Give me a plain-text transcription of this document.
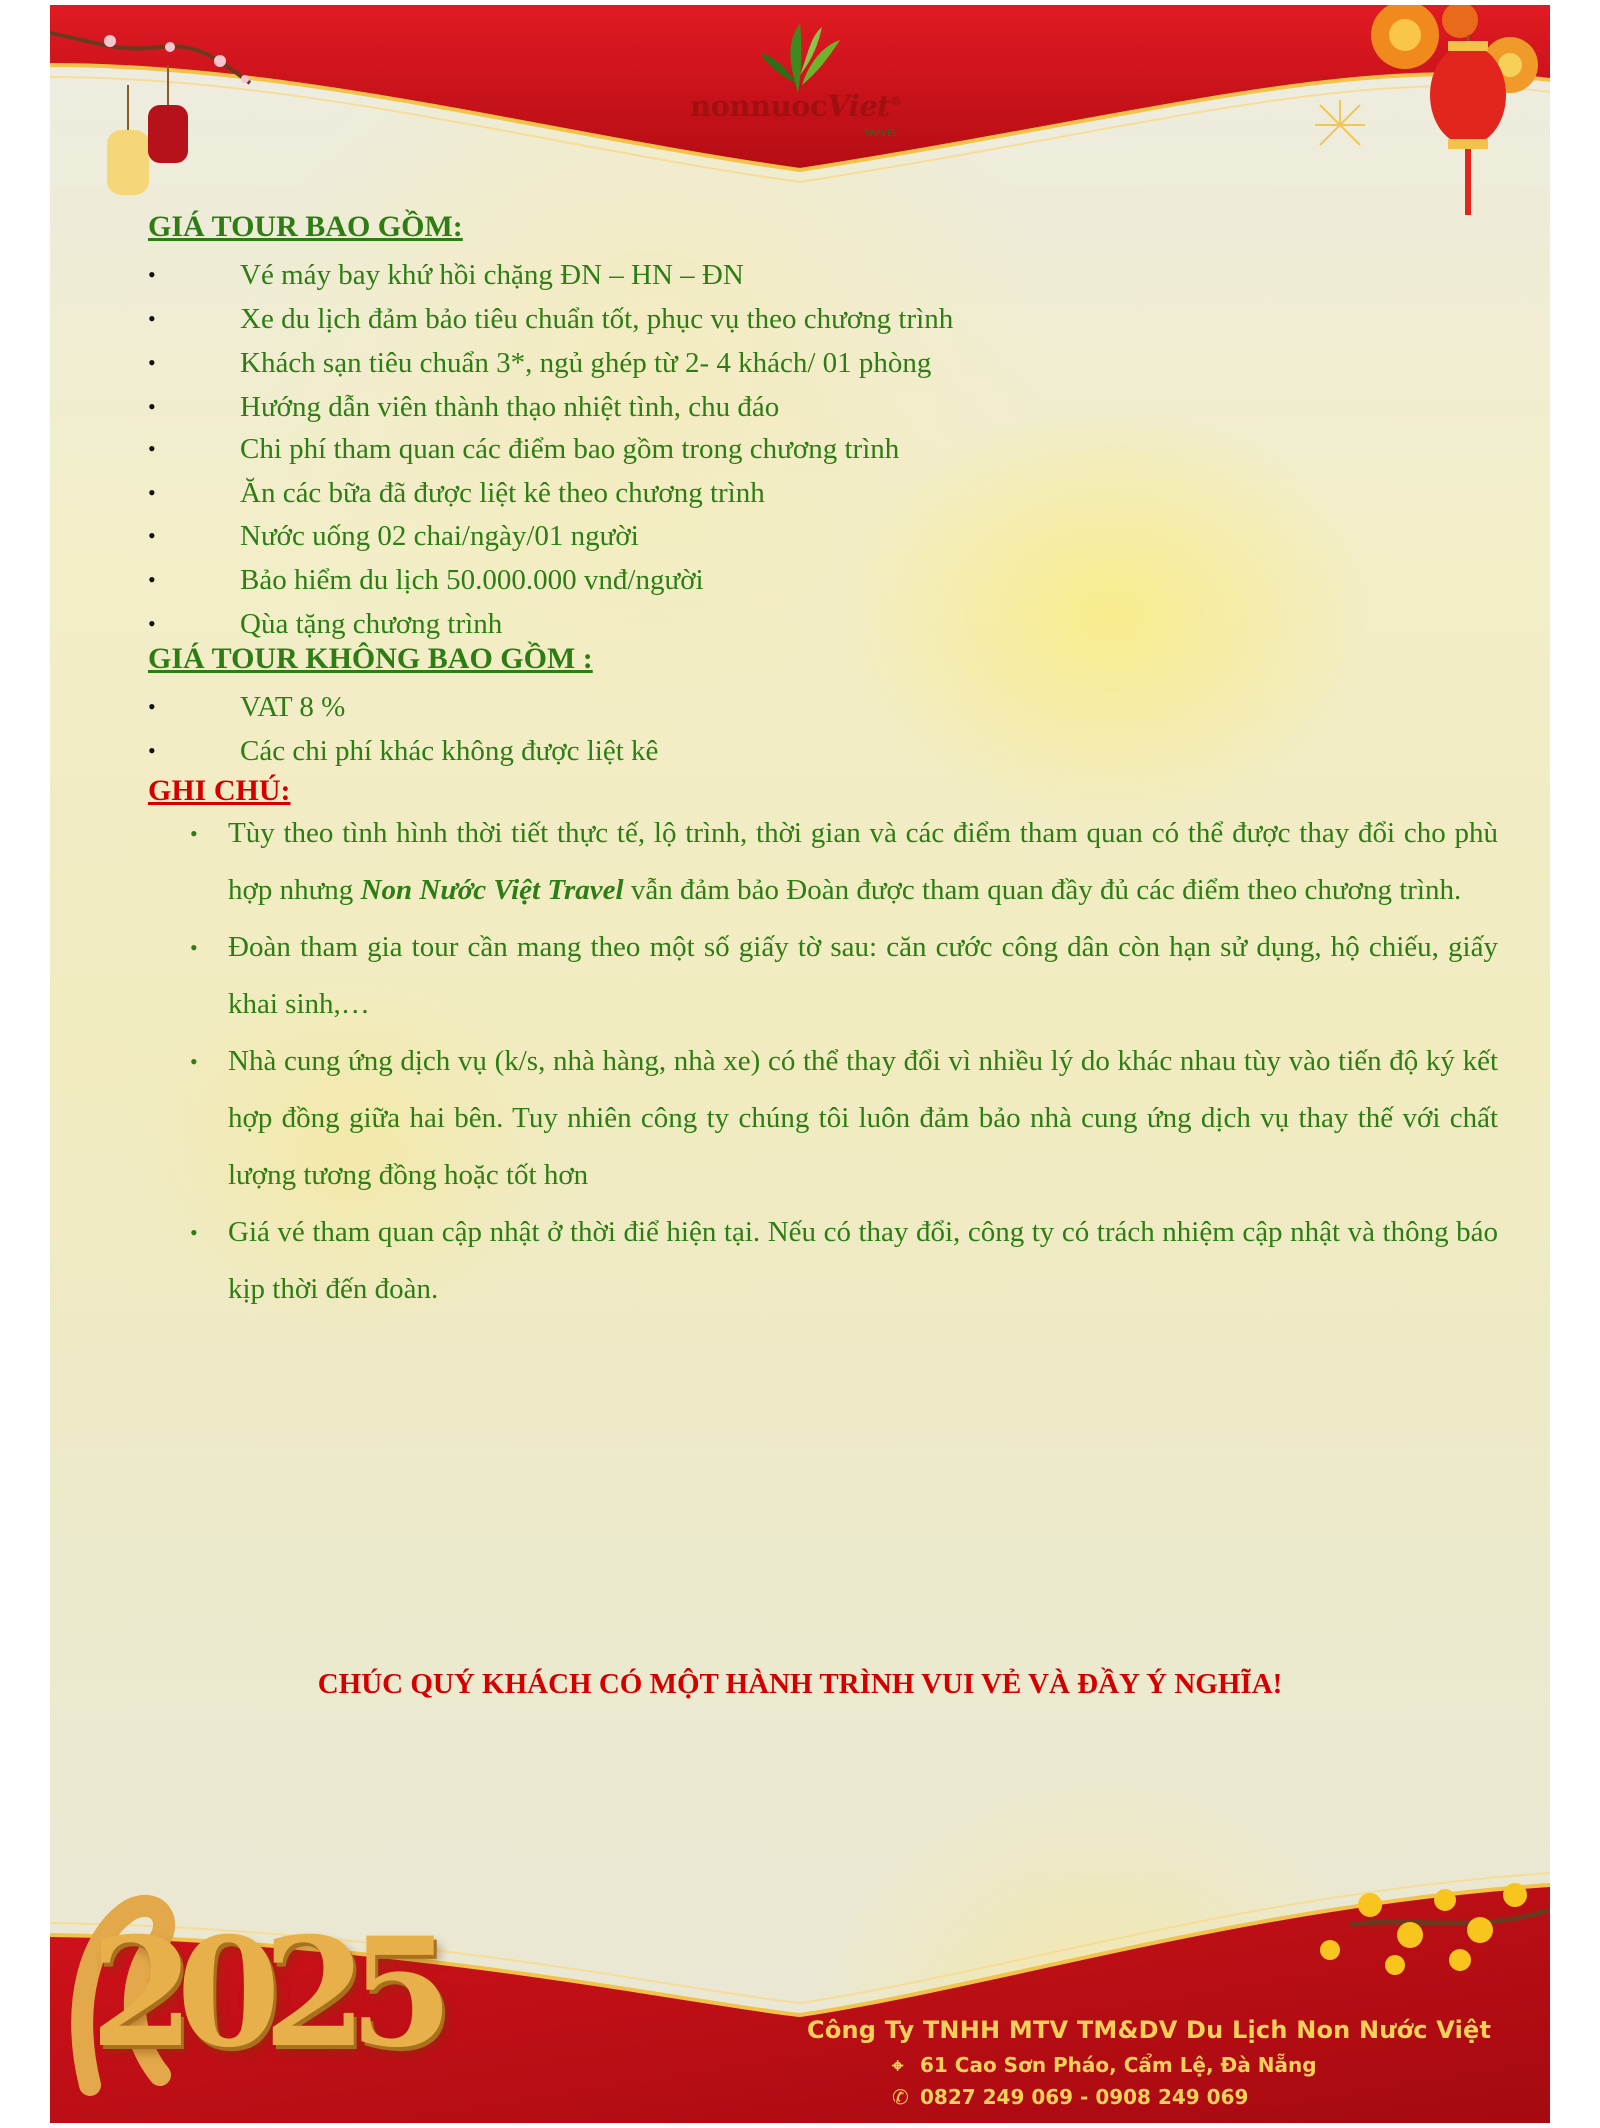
nonnuocViet®
TRAVEL
GIÁ TOUR BAO GỒM:
•	Vé máy bay khứ hồi chặng ĐN – HN – ĐN
•	Xe du lịch đảm bảo tiêu chuẩn tốt, phục vụ theo chương trình
•	Khách sạn tiêu chuẩn 3*, ngủ ghép từ 2- 4 khách/ 01 phòng
•	Hướng dẫn viên thành thạo nhiệt tình, chu đáo
•	Chi phí tham quan các điểm bao gồm trong chương trình
•	Ăn các bữa đã được liệt kê theo chương trình
•	Nước uống 02 chai/ngày/01 người
•	Bảo hiểm du lịch 50.000.000 vnđ/người
•	Qùa tặng chương trình
GIÁ TOUR KHÔNG BAO GỒM :
•	VAT 8 %
•	Các chi phí khác không được liệt kê
GHI CHÚ:
• Tùy theo tình hình thời tiết thực tế, lộ trình, thời gian và các điểm tham quan có thể được thay đổi cho phù hợp nhưng Non Nước Việt Travel vẫn đảm bảo Đoàn được tham quan đầy đủ các điểm theo chương trình.
• Đoàn tham gia tour cần mang theo một số giấy tờ sau: căn cước công dân còn hạn sử dụng, hộ chiếu, giấy khai sinh,…
• Nhà cung ứng dịch vụ (k/s, nhà hàng, nhà xe) có thể thay đổi vì nhiều lý do khác nhau tùy vào tiến độ ký kết hợp đồng giữa hai bên. Tuy nhiên công ty chúng tôi luôn đảm bảo nhà cung ứng dịch vụ thay thế với chất lượng tương đồng hoặc tốt hơn
• Giá vé tham quan cập nhật ở thời điể hiện tại. Nếu có thay đổi, công ty có trách nhiệm cập nhật và thông báo kịp thời đến đoàn.
CHÚC QUÝ KHÁCH CÓ MỘT HÀNH TRÌNH VUI VẺ VÀ ĐẦY Ý NGHĨA!
2025	Công Ty TNHH MTV TM&DV Du Lịch Non Nước Việt
⌖ 61 Cao Sơn Pháo, Cẩm Lệ, Đà Nẵng
✆ 0827 249 069 - 0908 249 069
